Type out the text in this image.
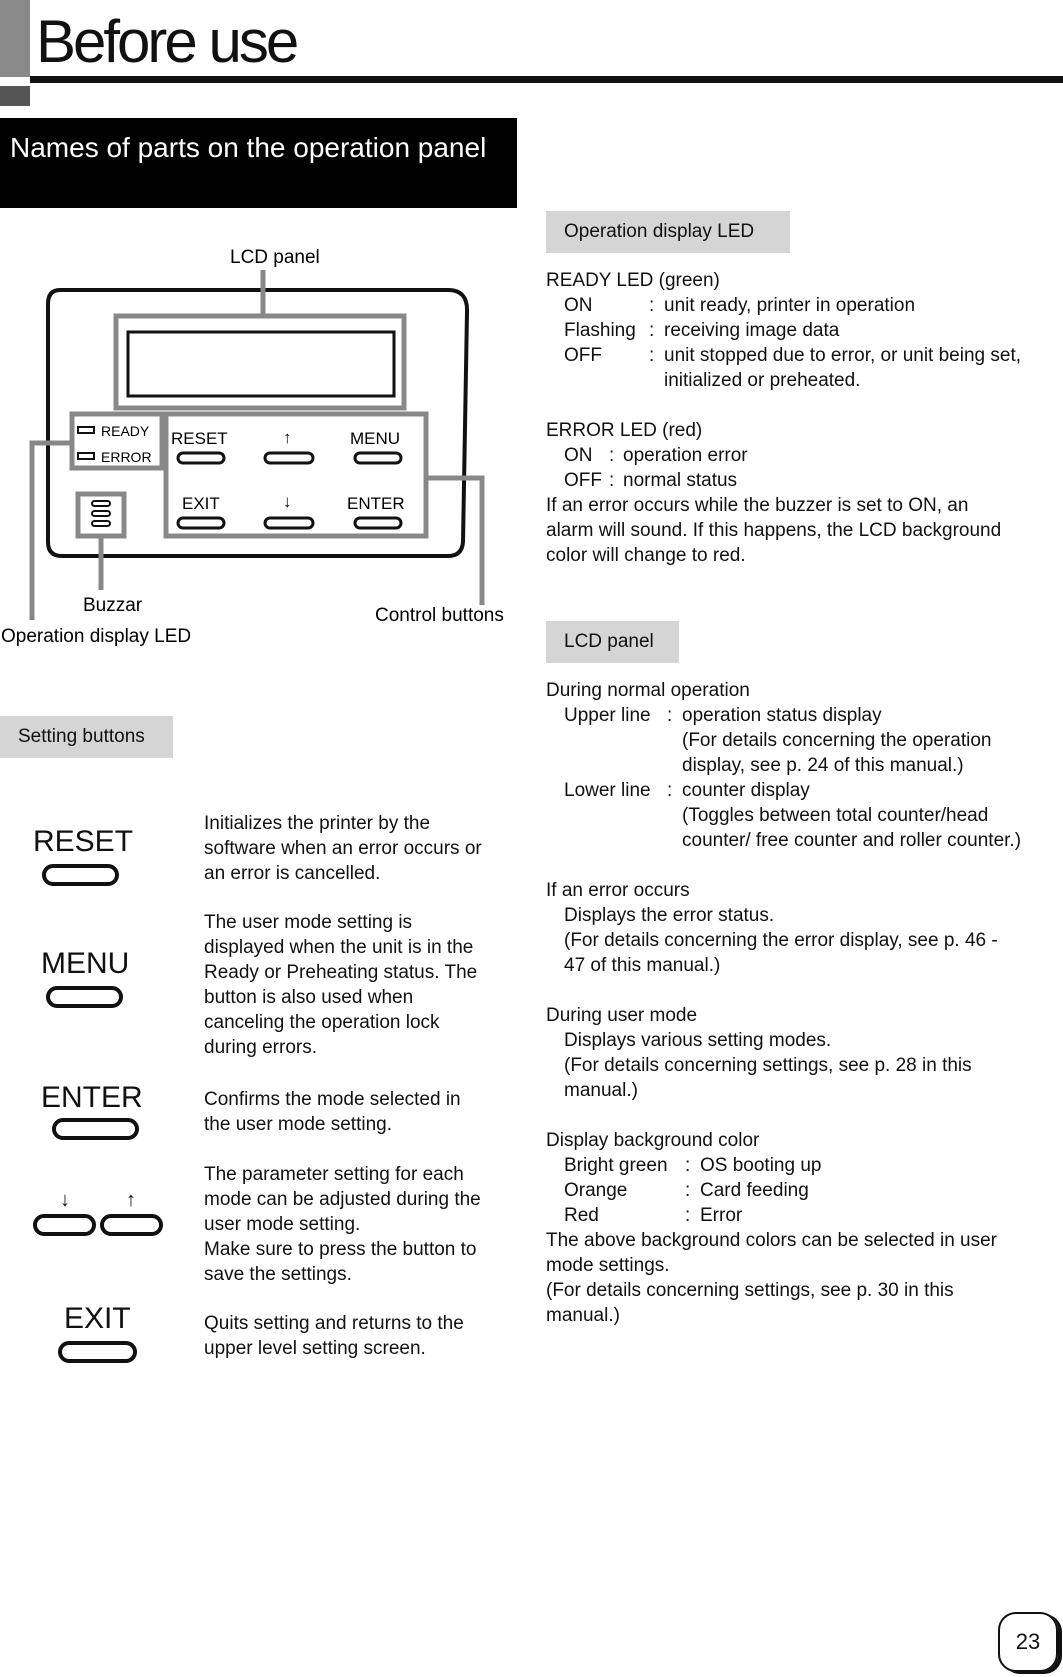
Before use
Names of parts on the operation panel
READY
ERROR
RESET	MENU
EXIT	ENTER
↑
↓
LCD panel
Buzzar	Control buttons
Operation display LED
Setting buttons
RESET
Initializes the printer by the
software when an error occurs or
an error is cancelled.
MENU
The user mode setting is
displayed when the unit is in the
Ready or Preheating status. The
button is also used when
canceling the operation lock
during errors.
ENTER	Confirms the mode selected in
the user mode setting.
↓	↑
The parameter setting for each
mode can be adjusted during the
user mode setting.
Make sure to press the button to
save the settings.
EXIT	Quits setting and returns to the
upper level setting screen.
Operation display LED
READY LED (green)
ON	: unit ready, printer in operation
Flashing : receiving image data
OFF : unit stopped due to error, or unit being set,
initialized or preheated.
ERROR LED (red)
ON : operation error
OFF : normal status
If an error occurs while the buzzer is set to ON, an
alarm will sound. If this happens, the LCD background
color will change to red.
LCD panel
During normal operation
Upper line : operation status display
(For details concerning the operation
display, see p. 24 of this manual.)
Lower line : counter display
(Toggles between total counter/head
counter/ free counter and roller counter.)
If an error occurs
Displays the error status.
(For details concerning the error display, see p. 46 -
47 of this manual.)
During user mode
Displays various setting modes.
(For details concerning settings, see p. 28 in this
manual.)
Display background color
Bright green : OS booting up
Orange	: Card feeding
Red	: Error
The above background colors can be selected in user
mode settings.
(For details concerning settings, see p. 30 in this
manual.)
23
